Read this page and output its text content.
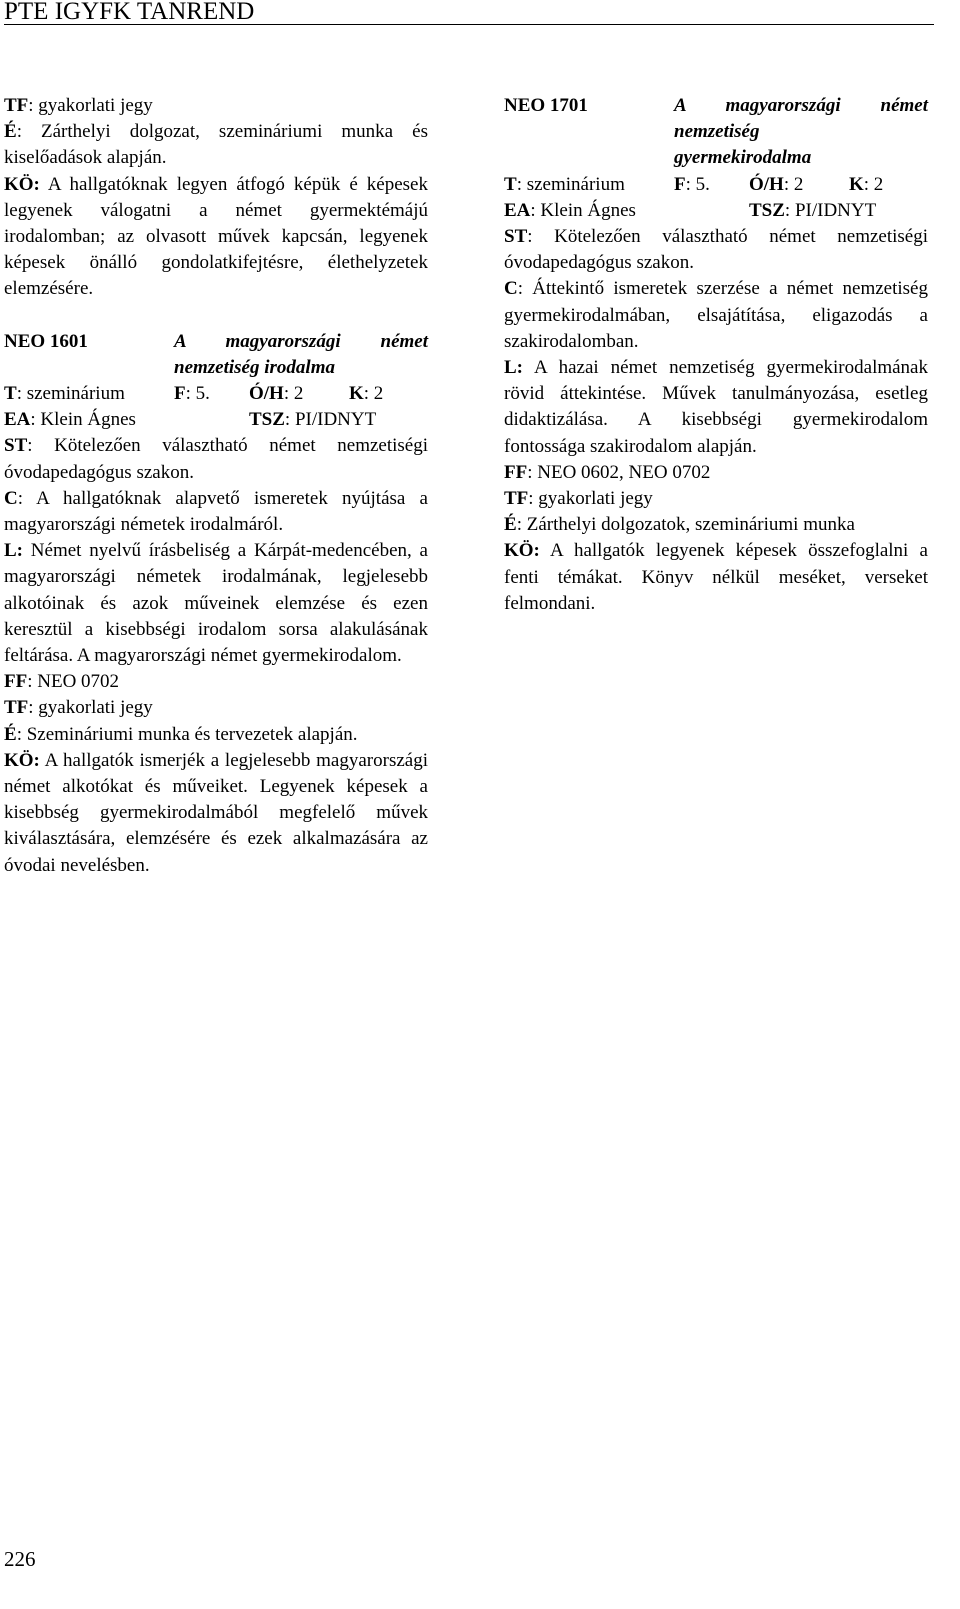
PTE IGYFK TANREND

TF: gyakorlati jegy

É: Zárthelyi dolgozat, szemináriumi munka és kiselőadások alapján.

KÖ: A hallgatóknak legyen átfogó képük é képesek legyenek válogatni a német gyermektémájú irodalomban; az olvasott művek kapcsán, legyenek képesek önálló gondolatkifejtésre, élethelyzetek elemzésére.

NEO 1601	A magyarországi német
nemzetiség irodalma
T: szeminárium	F: 5.	Ó/H: 2	K: 2
EA: Klein Ágnes	TSZ: PI/IDNYT

ST: Kötelezően választható német nemzetiségi óvodapedagógus szakon.

C: A hallgatóknak alapvető ismeretek nyújtása a magyarországi németek irodalmáról.

L: Német nyelvű írásbeliség a Kárpát-medencében, a magyarországi németek irodalmának, legjelesebb alkotóinak és azok műveinek elemzése és ezen keresztül a kisebbségi irodalom sorsa alakulásának feltárása. A magyarországi német gyermekirodalom.

FF: NEO 0702

TF: gyakorlati jegy

É: Szemináriumi munka és tervezetek alapján.

KÖ: A hallgatók ismerjék a legjelesebb magyarországi német alkotókat és műveiket. Legyenek képesek a kisebbség gyermekirodalmából megfelelő művek kiválasztására, elemzésére és ezek alkalmazására az óvodai nevelésben.

NEO 1701	A magyarországi német
nemzetiség
gyermekirodalma
T: szeminárium	F: 5.	Ó/H: 2	K: 2
EA: Klein Ágnes	TSZ: PI/IDNYT

ST: Kötelezően választható német nemzetiségi óvodapedagógus szakon.

C: Áttekintő ismeretek szerzése a német nemzetiség gyermekirodalmában, elsajátítása, eligazodás a szakirodalomban.

L: A hazai német nemzetiség gyermekirodalmának rövid áttekintése. Művek tanulmányozása, esetleg didaktizálása. A kisebbségi gyermekirodalom fontossága szakirodalom alapján.

FF: NEO 0602, NEO 0702

TF: gyakorlati jegy

É: Zárthelyi dolgozatok, szemináriumi munka

KÖ: A hallgatók legyenek képesek összefoglalni a fenti témákat. Könyv nélkül meséket, verseket felmondani.

226
